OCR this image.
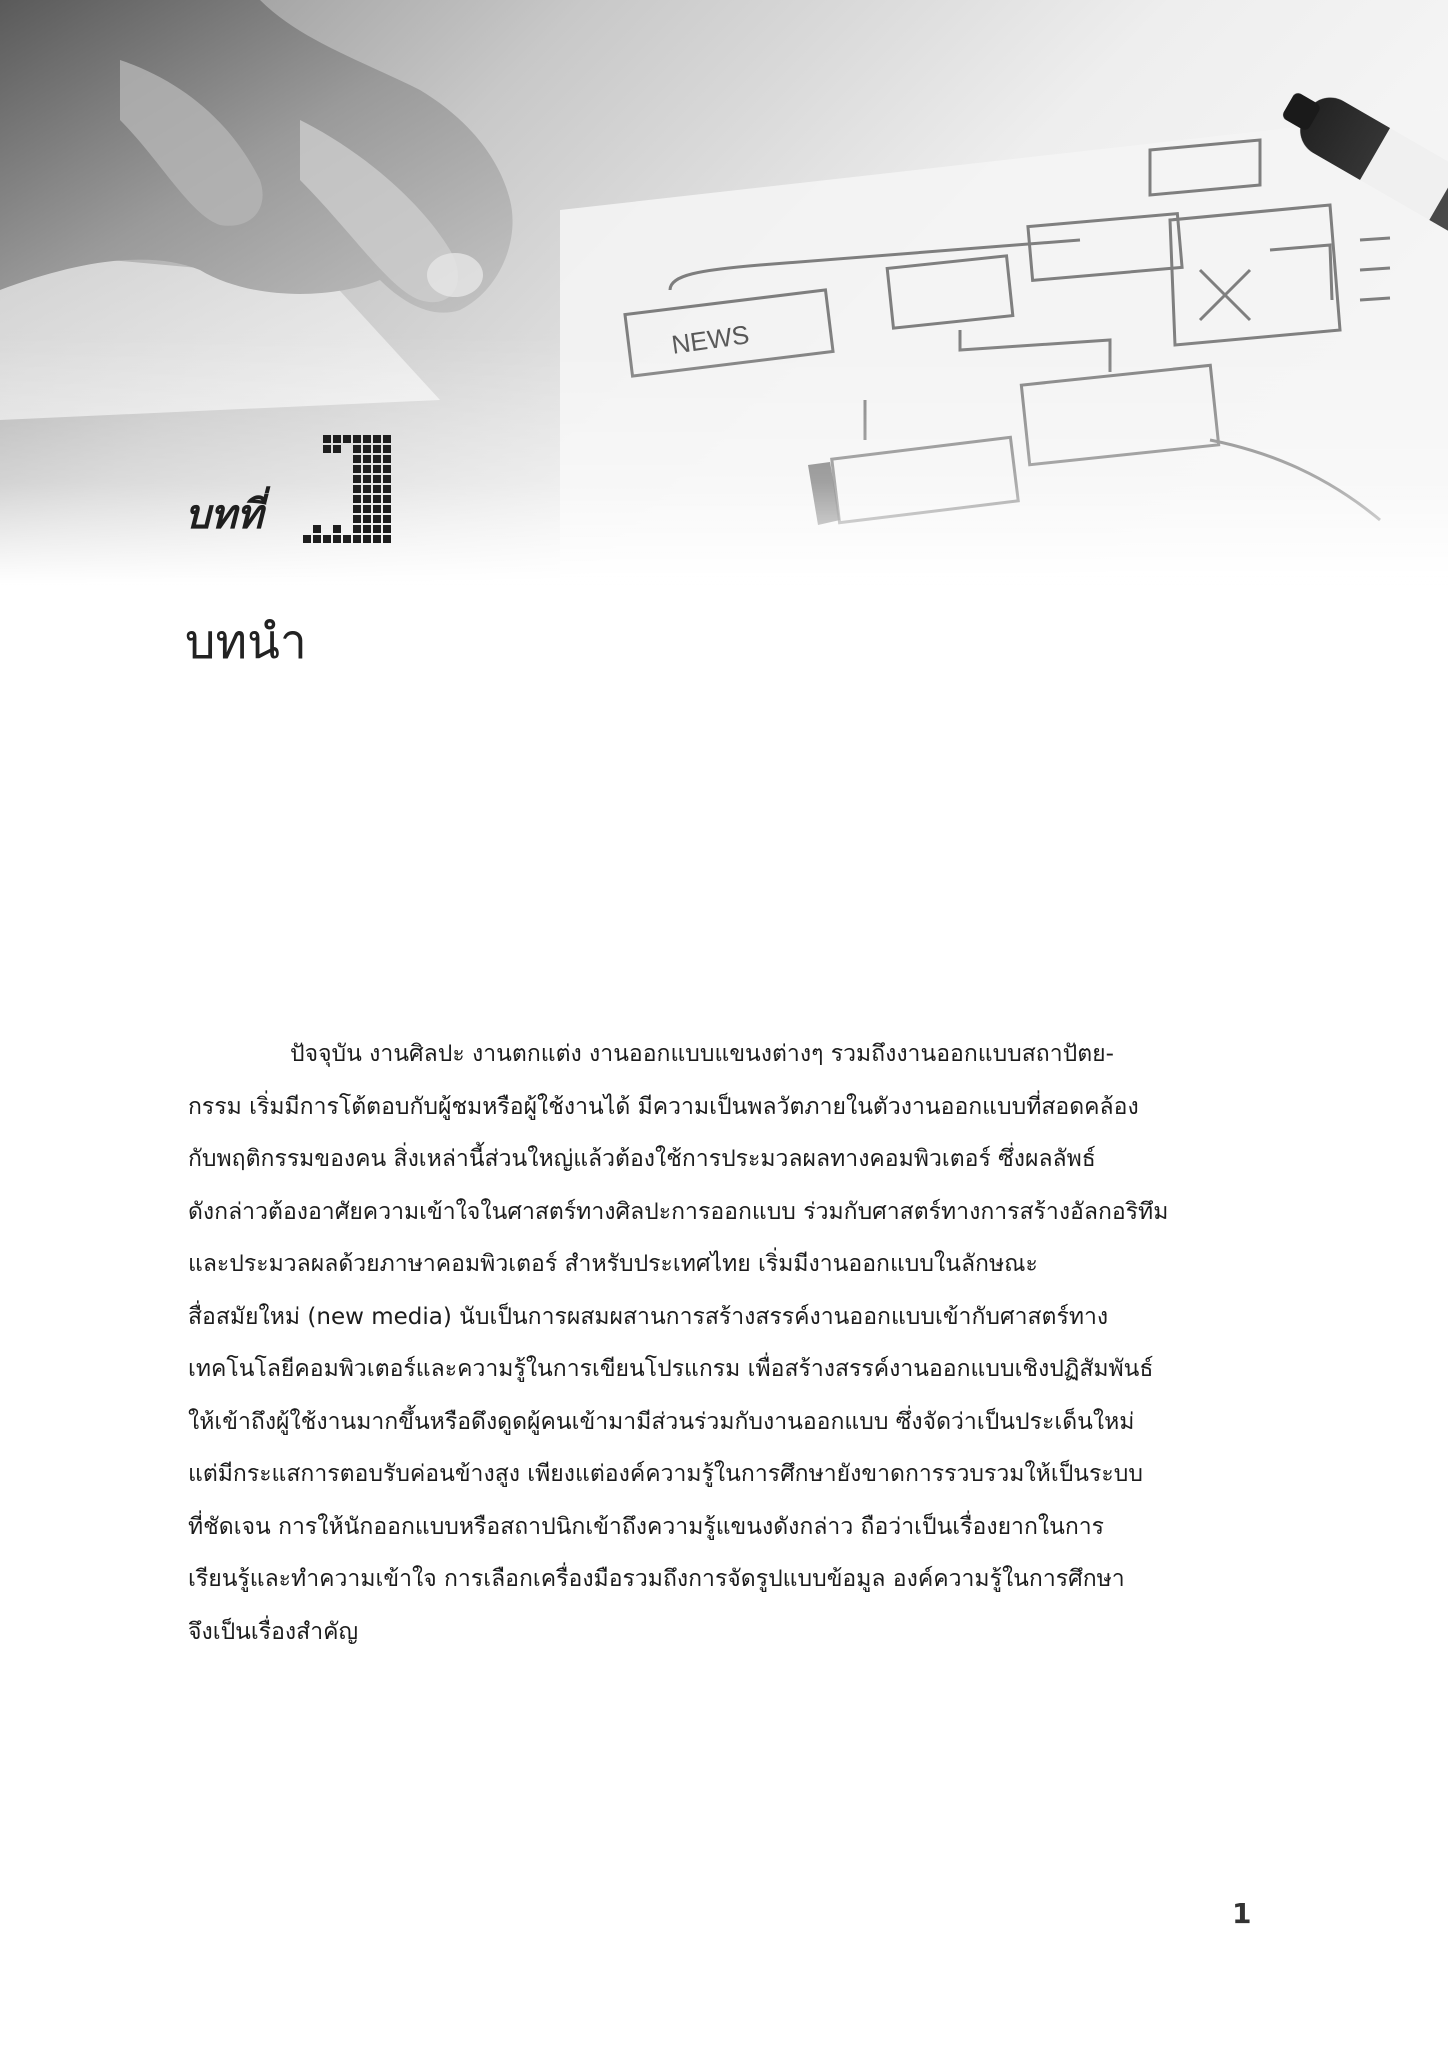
บทที่
บทนำ
ปัจจุบัน งานศิลปะ งานตกแต่ง งานออกแบบแขนงต่างๆ รวมถึงงานออกแบบสถาปัตย-
กรรม เริ่มมีการโต้ตอบกับผู้ชมหรือผู้ใช้งานได้ มีความเป็นพลวัตภายในตัวงานออกแบบที่สอดคล้อง
กับพฤติกรรมของคน สิ่งเหล่านี้ส่วนใหญ่แล้วต้องใช้การประมวลผลทางคอมพิวเตอร์ ซึ่งผลลัพธ์
ดังกล่าวต้องอาศัยความเข้าใจในศาสตร์ทางศิลปะการออกแบบ ร่วมกับศาสตร์ทางการสร้างอัลกอริทึม
และประมวลผลด้วยภาษาคอมพิวเตอร์ สำหรับประเทศไทย เริ่มมีงานออกแบบในลักษณะ
สื่อสมัยใหม่ (new media) นับเป็นการผสมผสานการสร้างสรรค์งานออกแบบเข้ากับศาสตร์ทาง
เทคโนโลยีคอมพิวเตอร์และความรู้ในการเขียนโปรแกรม เพื่อสร้างสรรค์งานออกแบบเชิงปฏิสัมพันธ์
ให้เข้าถึงผู้ใช้งานมากขึ้นหรือดึงดูดผู้คนเข้ามามีส่วนร่วมกับงานออกแบบ ซึ่งจัดว่าเป็นประเด็นใหม่
แต่มีกระแสการตอบรับค่อนข้างสูง เพียงแต่องค์ความรู้ในการศึกษายังขาดการรวบรวมให้เป็นระบบ
ที่ชัดเจน การให้นักออกแบบหรือสถาปนิกเข้าถึงความรู้แขนงดังกล่าว ถือว่าเป็นเรื่องยากในการ
เรียนรู้และทำความเข้าใจ การเลือกเครื่องมือรวมถึงการจัดรูปแบบข้อมูล องค์ความรู้ในการศึกษา
จึงเป็นเรื่องสำคัญ
1
